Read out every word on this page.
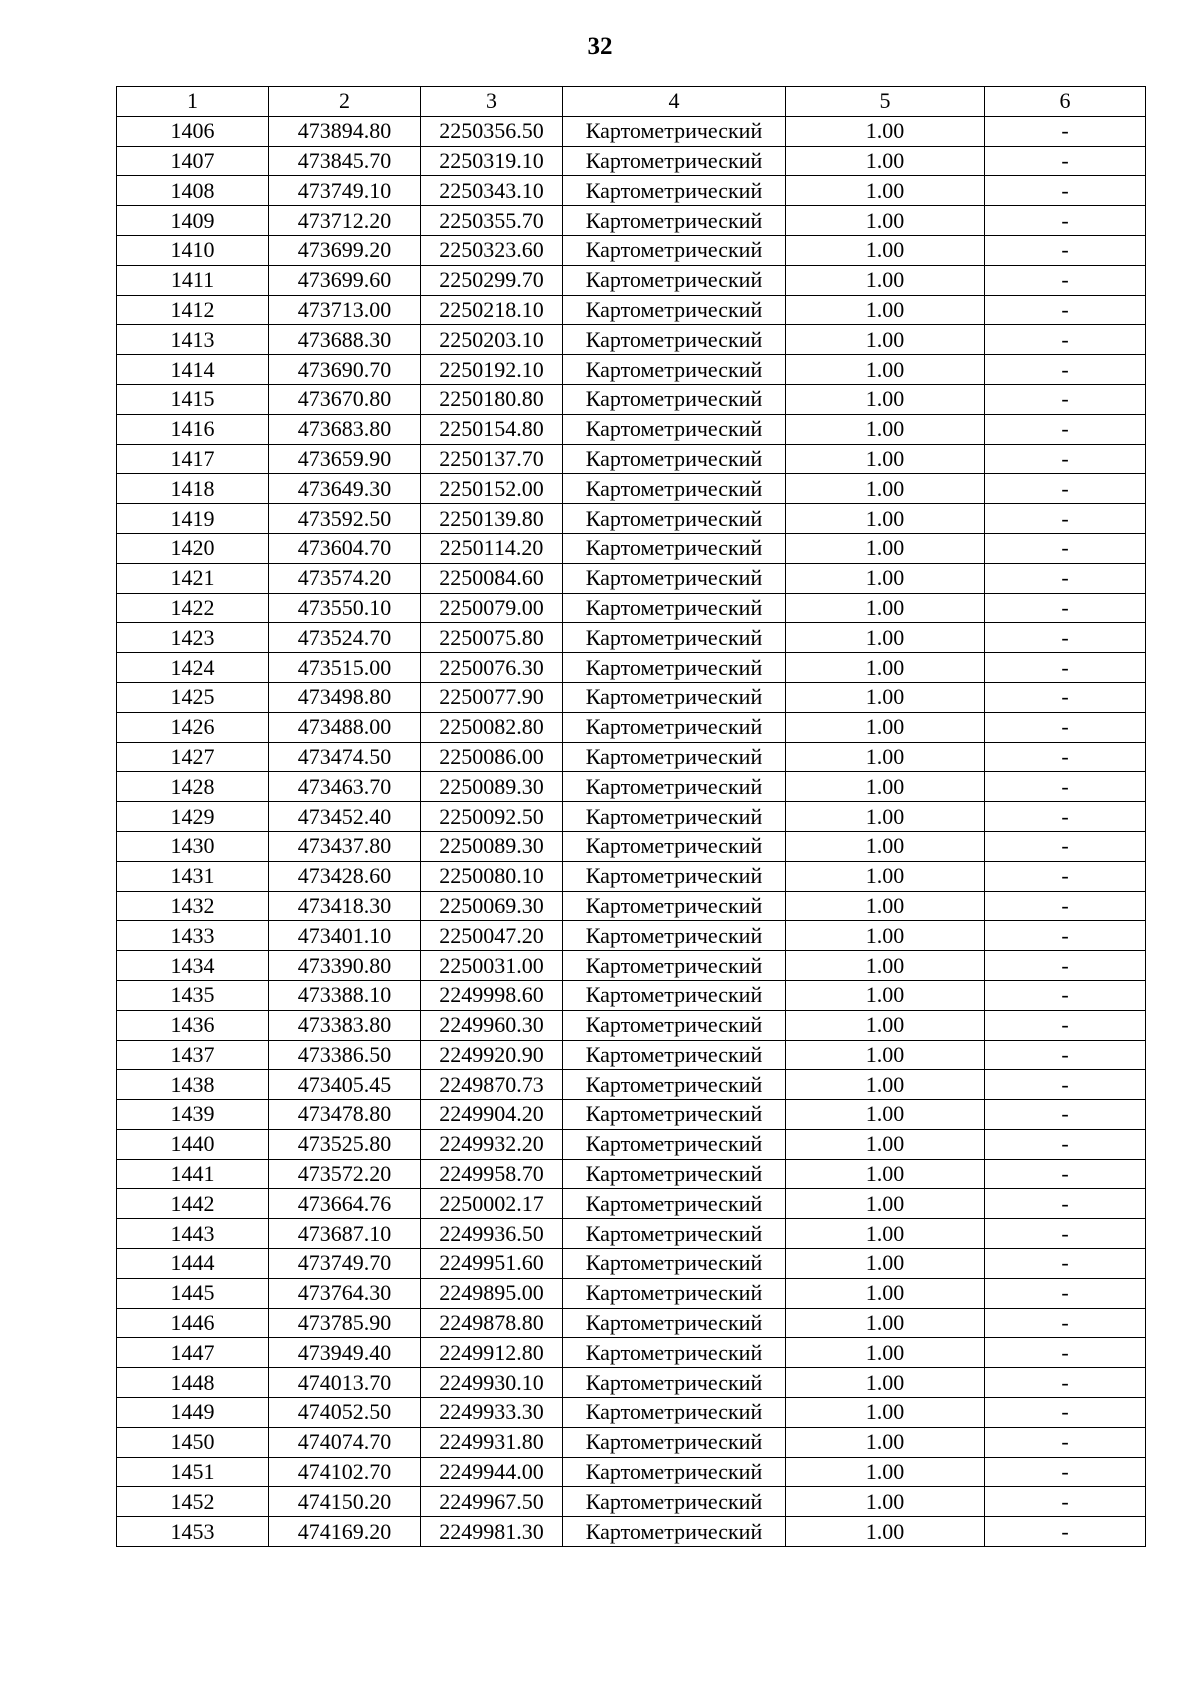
32
1	2	3	4	5	6
1406	473894.80	2250356.50	Картометрический	1.00	-
1407	473845.70	2250319.10	Картометрический	1.00	-
1408	473749.10	2250343.10	Картометрический	1.00	-
1409	473712.20	2250355.70	Картометрический	1.00	-
1410	473699.20	2250323.60	Картометрический	1.00	-
1411	473699.60	2250299.70	Картометрический	1.00	-
1412	473713.00	2250218.10	Картометрический	1.00	-
1413	473688.30	2250203.10	Картометрический	1.00	-
1414	473690.70	2250192.10	Картометрический	1.00	-
1415	473670.80	2250180.80	Картометрический	1.00	-
1416	473683.80	2250154.80	Картометрический	1.00	-
1417	473659.90	2250137.70	Картометрический	1.00	-
1418	473649.30	2250152.00	Картометрический	1.00	-
1419	473592.50	2250139.80	Картометрический	1.00	-
1420	473604.70	2250114.20	Картометрический	1.00	-
1421	473574.20	2250084.60	Картометрический	1.00	-
1422	473550.10	2250079.00	Картометрический	1.00	-
1423	473524.70	2250075.80	Картометрический	1.00	-
1424	473515.00	2250076.30	Картометрический	1.00	-
1425	473498.80	2250077.90	Картометрический	1.00	-
1426	473488.00	2250082.80	Картометрический	1.00	-
1427	473474.50	2250086.00	Картометрический	1.00	-
1428	473463.70	2250089.30	Картометрический	1.00	-
1429	473452.40	2250092.50	Картометрический	1.00	-
1430	473437.80	2250089.30	Картометрический	1.00	-
1431	473428.60	2250080.10	Картометрический	1.00	-
1432	473418.30	2250069.30	Картометрический	1.00	-
1433	473401.10	2250047.20	Картометрический	1.00	-
1434	473390.80	2250031.00	Картометрический	1.00	-
1435	473388.10	2249998.60	Картометрический	1.00	-
1436	473383.80	2249960.30	Картометрический	1.00	-
1437	473386.50	2249920.90	Картометрический	1.00	-
1438	473405.45	2249870.73	Картометрический	1.00	-
1439	473478.80	2249904.20	Картометрический	1.00	-
1440	473525.80	2249932.20	Картометрический	1.00	-
1441	473572.20	2249958.70	Картометрический	1.00	-
1442	473664.76	2250002.17	Картометрический	1.00	-
1443	473687.10	2249936.50	Картометрический	1.00	-
1444	473749.70	2249951.60	Картометрический	1.00	-
1445	473764.30	2249895.00	Картометрический	1.00	-
1446	473785.90	2249878.80	Картометрический	1.00	-
1447	473949.40	2249912.80	Картометрический	1.00	-
1448	474013.70	2249930.10	Картометрический	1.00	-
1449	474052.50	2249933.30	Картометрический	1.00	-
1450	474074.70	2249931.80	Картометрический	1.00	-
1451	474102.70	2249944.00	Картометрический	1.00	-
1452	474150.20	2249967.50	Картометрический	1.00	-
1453	474169.20	2249981.30	Картометрический	1.00	-
